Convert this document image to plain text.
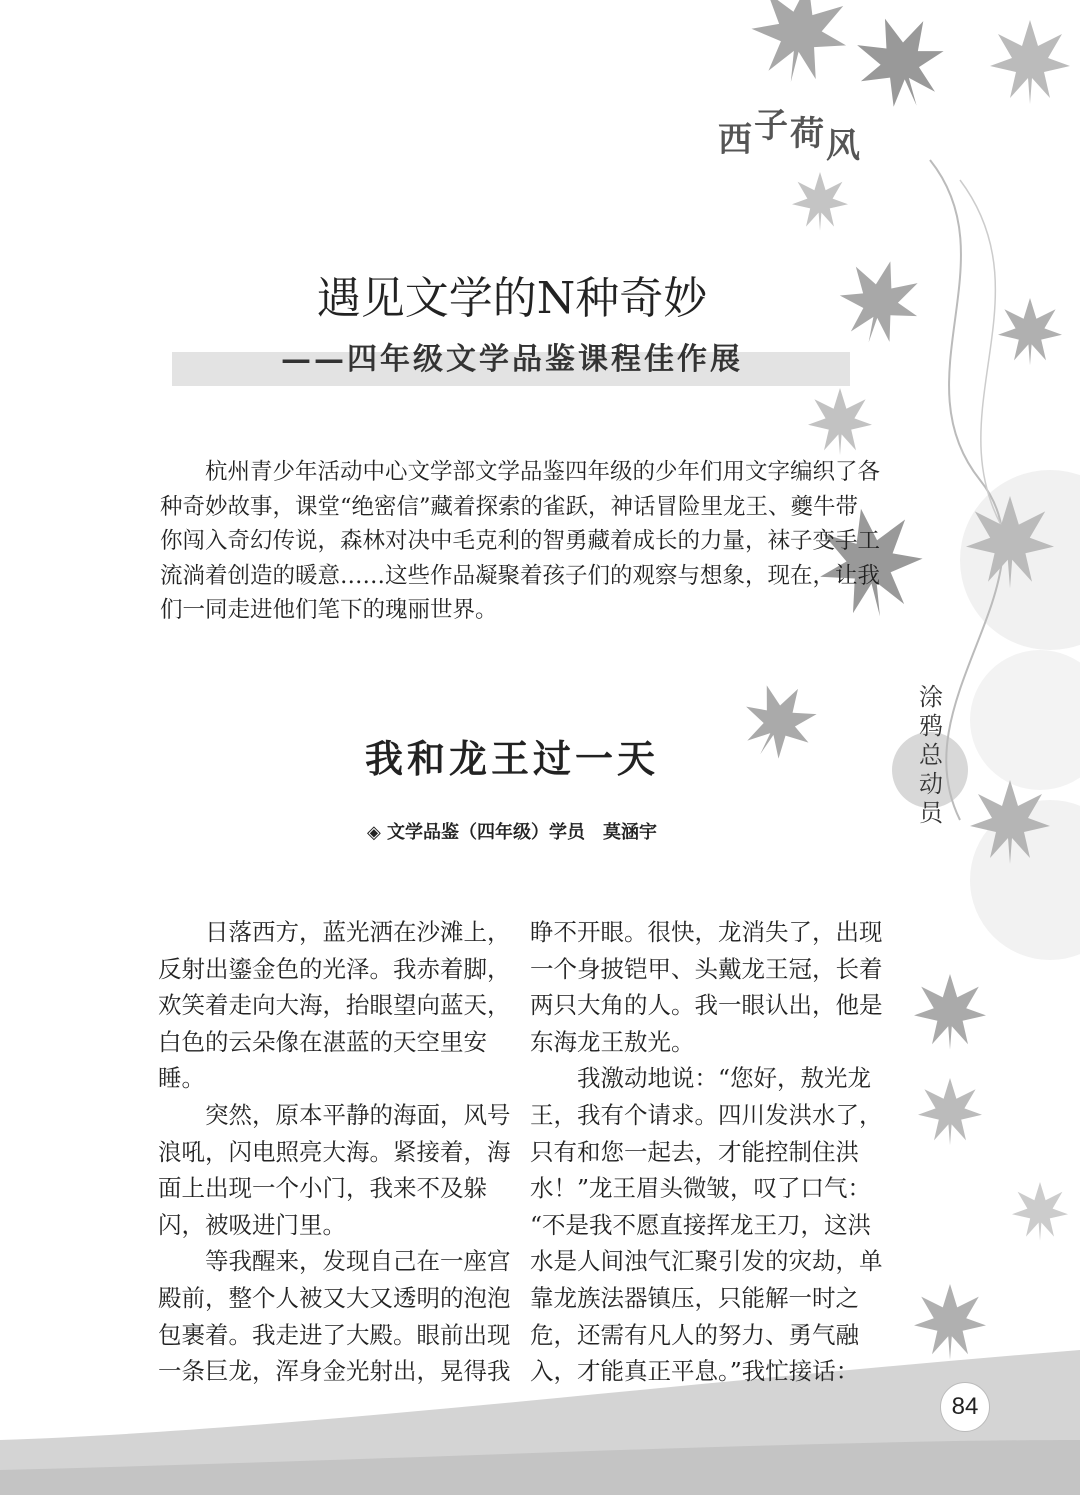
西子荷风
遇见文学的N种奇妙
——四年级文学品鉴课程佳作展
　　杭州青少年活动中心文学部文学品鉴四年级的少年们用文字编织了各
种奇妙故事，课堂“绝密信”藏着探索的雀跃，神话冒险里龙王、夔牛带
你闯入奇幻传说，森林对决中毛克利的智勇藏着成长的力量，袜子变手工
流淌着创造的暖意……这些作品凝聚着孩子们的观察与想象，现在，让我
们一同走进他们笔下的瑰丽世界。
涂
鸦
总
动
员
我和龙王过一天
◈ 文学品鉴（四年级）学员　莫涵宇
　　日落西方，蓝光洒在沙滩上，
反射出鎏金色的光泽。我赤着脚，
欢笑着走向大海，抬眼望向蓝天，
白色的云朵像在湛蓝的天空里安
睡。
　　突然，原本平静的海面，风号
浪吼，闪电照亮大海。紧接着，海
面上出现一个小门，我来不及躲
闪，被吸进门里。
　　等我醒来，发现自己在一座宫
殿前，整个人被又大又透明的泡泡
包裹着。我走进了大殿。眼前出现
一条巨龙，浑身金光射出，晃得我
睁不开眼。很快，龙消失了，出现
一个身披铠甲、头戴龙王冠，长着
两只大角的人。我一眼认出，他是
东海龙王敖光。
　　我激动地说：“您好，敖光龙
王，我有个请求。四川发洪水了，
只有和您一起去，才能控制住洪
水！”龙王眉头微皱，叹了口气：
“不是我不愿直接挥龙王刀，这洪
水是人间浊气汇聚引发的灾劫，单
靠龙族法器镇压，只能解一时之
危，还需有凡人的努力、勇气融
入，才能真正平息。”我忙接话：
84
